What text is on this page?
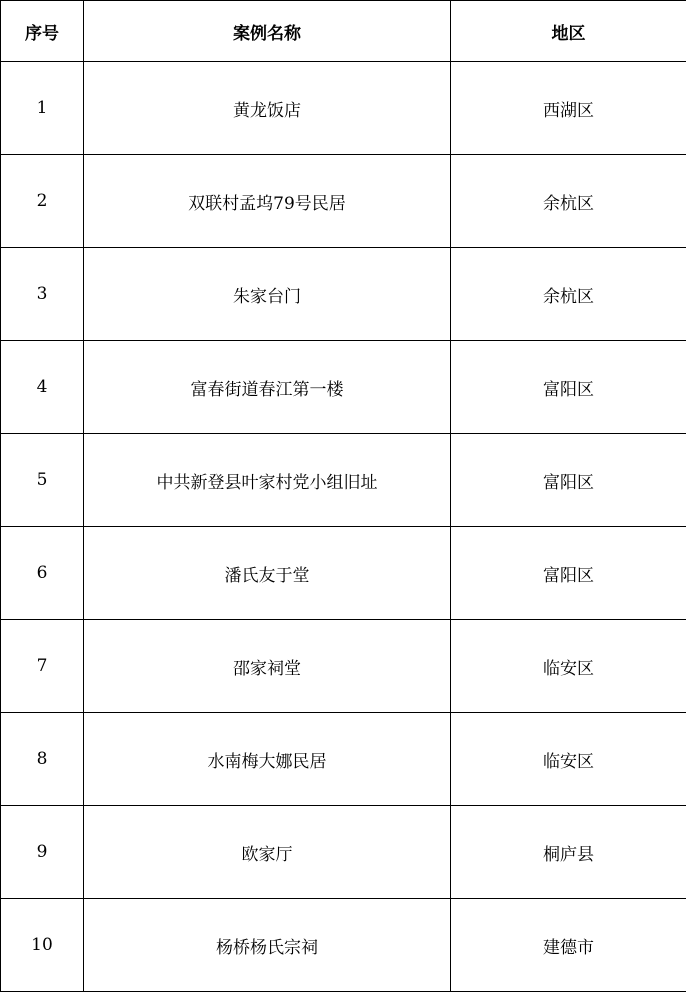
序号	案例名称	地区
1	黄龙饭店	西湖区
2	双联村孟坞79号民居	余杭区
3	朱家台门	余杭区
4	富春街道春江第一楼	富阳区
5	中共新登县叶家村党小组旧址	富阳区
6	潘氏友于堂	富阳区
7	邵家祠堂	临安区
8	水南梅大娜民居	临安区
9	欧家厅	桐庐县
10	杨桥杨氏宗祠	建德市
